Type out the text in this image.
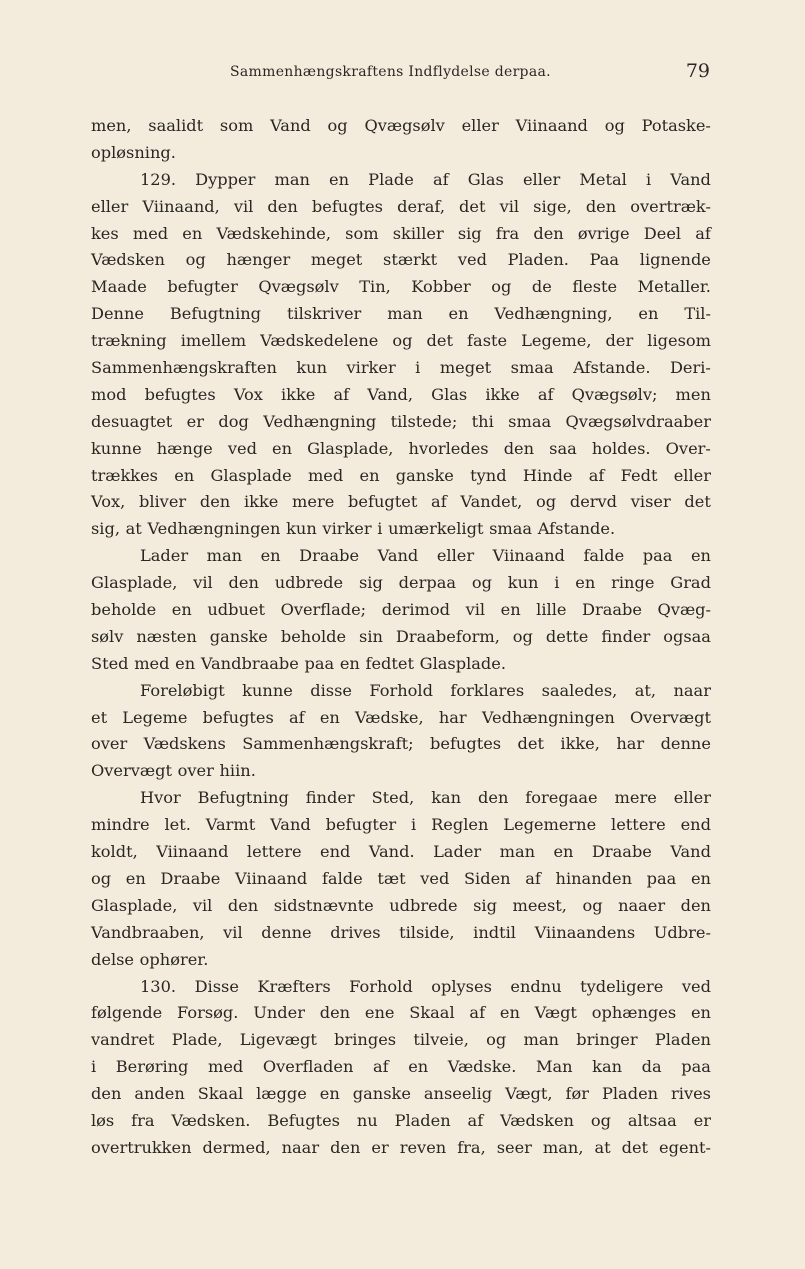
Sammenhængskraftens Indflydelse derpaa.	79
men, saalidt som Vand og Qvægsølv eller Viinaand og Potaske-
opløsning.
129. Dypper man en Plade af Glas eller Metal i Vand
eller Viinaand, vil den befugtes deraf, det vil sige, den overtræk-
kes med en Vædskehinde, som skiller sig fra den øvrige Deel af
Vædsken og hænger meget stærkt ved Pladen. Paa lignende
Maade befugter Qvægsølv Tin, Kobber og de fleste Metaller.
Denne Befugtning tilskriver man en Vedhængning, en Til-
trækning imellem Vædskedelene og det faste Legeme, der ligesom
Sammenhængskraften kun virker i meget smaa Afstande. Deri-
mod befugtes Vox ikke af Vand, Glas ikke af Qvægsølv; men
desuagtet er dog Vedhængning tilstede; thi smaa Qvægsølvdraaber
kunne hænge ved en Glasplade, hvorledes den saa holdes. Over-
trækkes en Glasplade med en ganske tynd Hinde af Fedt eller
Vox, bliver den ikke mere befugtet af Vandet, og dervd viser det
sig, at Vedhængningen kun virker i umærkeligt smaa Afstande.
Lader man en Draabe Vand eller Viinaand falde paa en
Glasplade, vil den udbrede sig derpaa og kun i en ringe Grad
beholde en udbuet Overflade; derimod vil en lille Draabe Qvæg-
sølv næsten ganske beholde sin Draabeform, og dette finder ogsaa
Sted med en Vandbraabe paa en fedtet Glasplade.
Foreløbigt kunne disse Forhold forklares saaledes, at, naar
et Legeme befugtes af en Vædske, har Vedhængningen Overvægt
over Vædskens Sammenhængskraft; befugtes det ikke, har denne
Overvægt over hiin.
Hvor Befugtning finder Sted, kan den foregaae mere eller
mindre let. Varmt Vand befugter i Reglen Legemerne lettere end
koldt, Viinaand lettere end Vand. Lader man en Draabe Vand
og en Draabe Viinaand falde tæt ved Siden af hinanden paa en
Glasplade, vil den sidstnævnte udbrede sig meest, og naaer den
Vandbraaben, vil denne drives tilside, indtil Viinaandens Udbre-
delse ophører.
130. Disse Kræfters Forhold oplyses endnu tydeligere ved
følgende Forsøg. Under den ene Skaal af en Vægt ophænges en
vandret Plade, Ligevægt bringes tilveie, og man bringer Pladen
i Berøring med Overfladen af en Vædske. Man kan da paa
den anden Skaal lægge en ganske anseelig Vægt, før Pladen rives
løs fra Vædsken. Befugtes nu Pladen af Vædsken og altsaa er
overtrukken dermed, naar den er reven fra, seer man, at det egent-
